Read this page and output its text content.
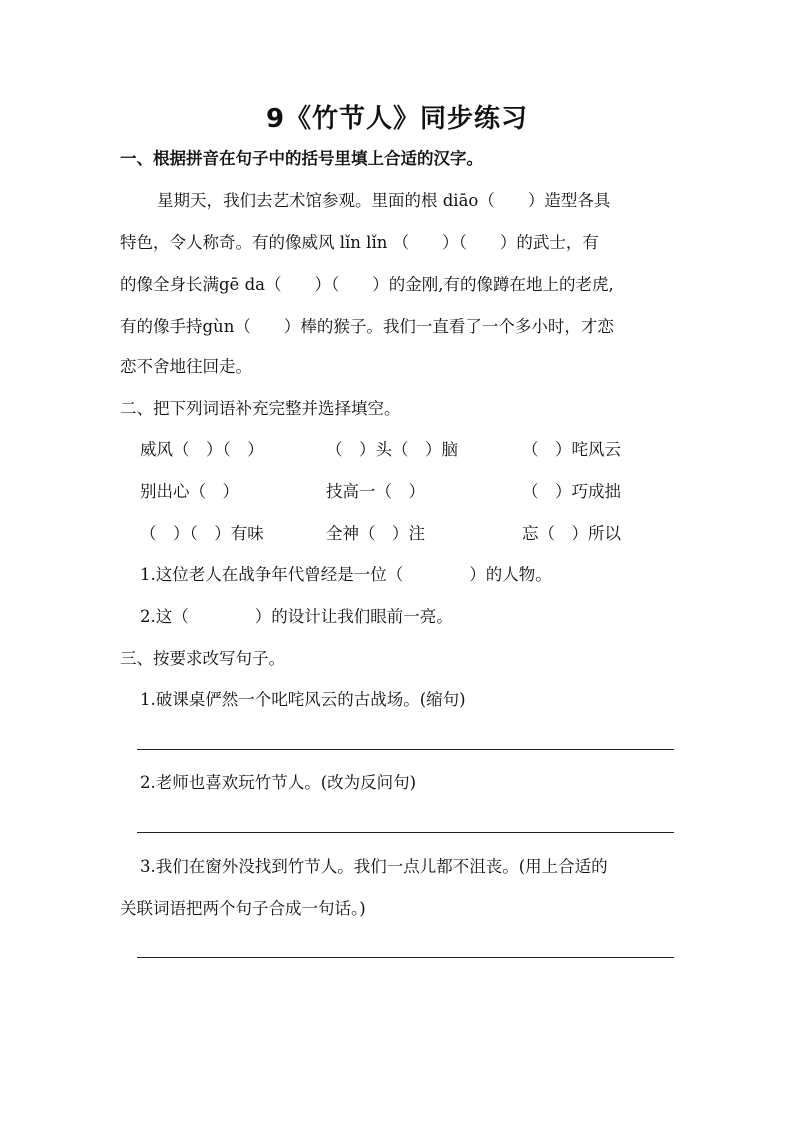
9《竹节人》同步练习
一、根据拼音在句子中的括号里填上合适的汉字。
星期天，我们去艺术馆参观。里面的根 diāo（　　）造型各具
特色，令人称奇。有的像威风 lǐn lǐn （　　）（　　）的武士，有
的像全身长满gē da（　　）（　　）的金刚,有的像蹲在地上的老虎,
有的像手持gùn（　　）棒的猴子。我们一直看了一个多小时，才恋
恋不舍地往回走。
二、把下列词语补充完整并选择填空。
威风（　）（　）	（　）头（　）脑	（　）咤风云
别出心（　）	技高一（　）	（　）巧成拙
（　）（　）有味	全神（　）注	忘（　）所以
1.这位老人在战争年代曾经是一位（　　　　）的人物。
2.这（　　　　）的设计让我们眼前一亮。
三、按要求改写句子。
1.破课桌俨然一个叱咤风云的古战场。(缩句)
2.老师也喜欢玩竹节人。(改为反问句)
3.我们在窗外没找到竹节人。我们一点儿都不沮丧。(用上合适的
关联词语把两个句子合成一句话。)
